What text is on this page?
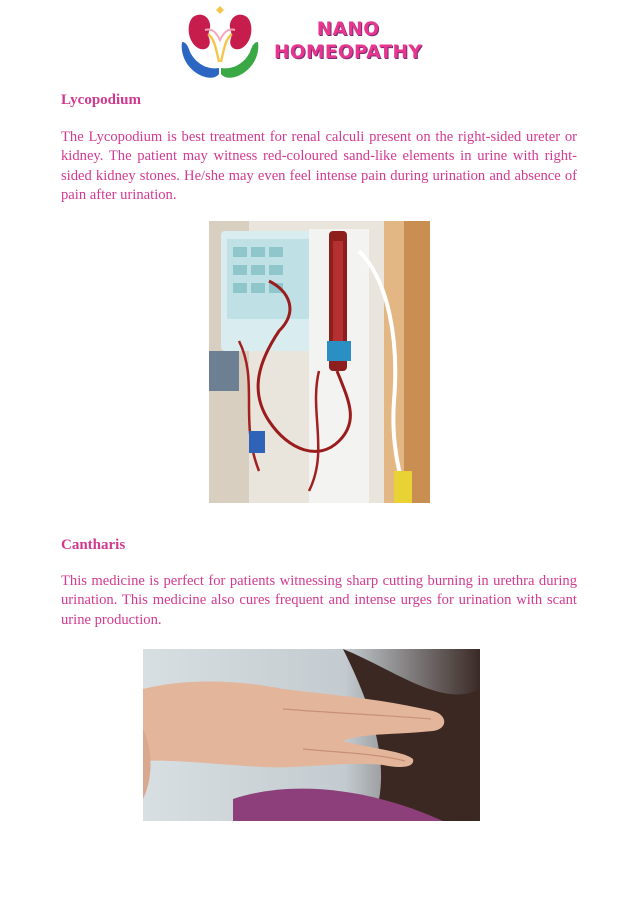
NANO
HOMEOPATHY
Lycopodium

The Lycopodium is best treatment for renal calculi present on the right-sided ureter or kidney. The patient may witness red-coloured sand-like elements in urine with right-sided kidney stones. He/she may even feel intense pain during urination and absence of pain after urination.

Cantharis

This medicine is perfect for patients witnessing sharp cutting burning in urethra during urination. This medicine also cures frequent and intense urges for urination with scant urine production.
